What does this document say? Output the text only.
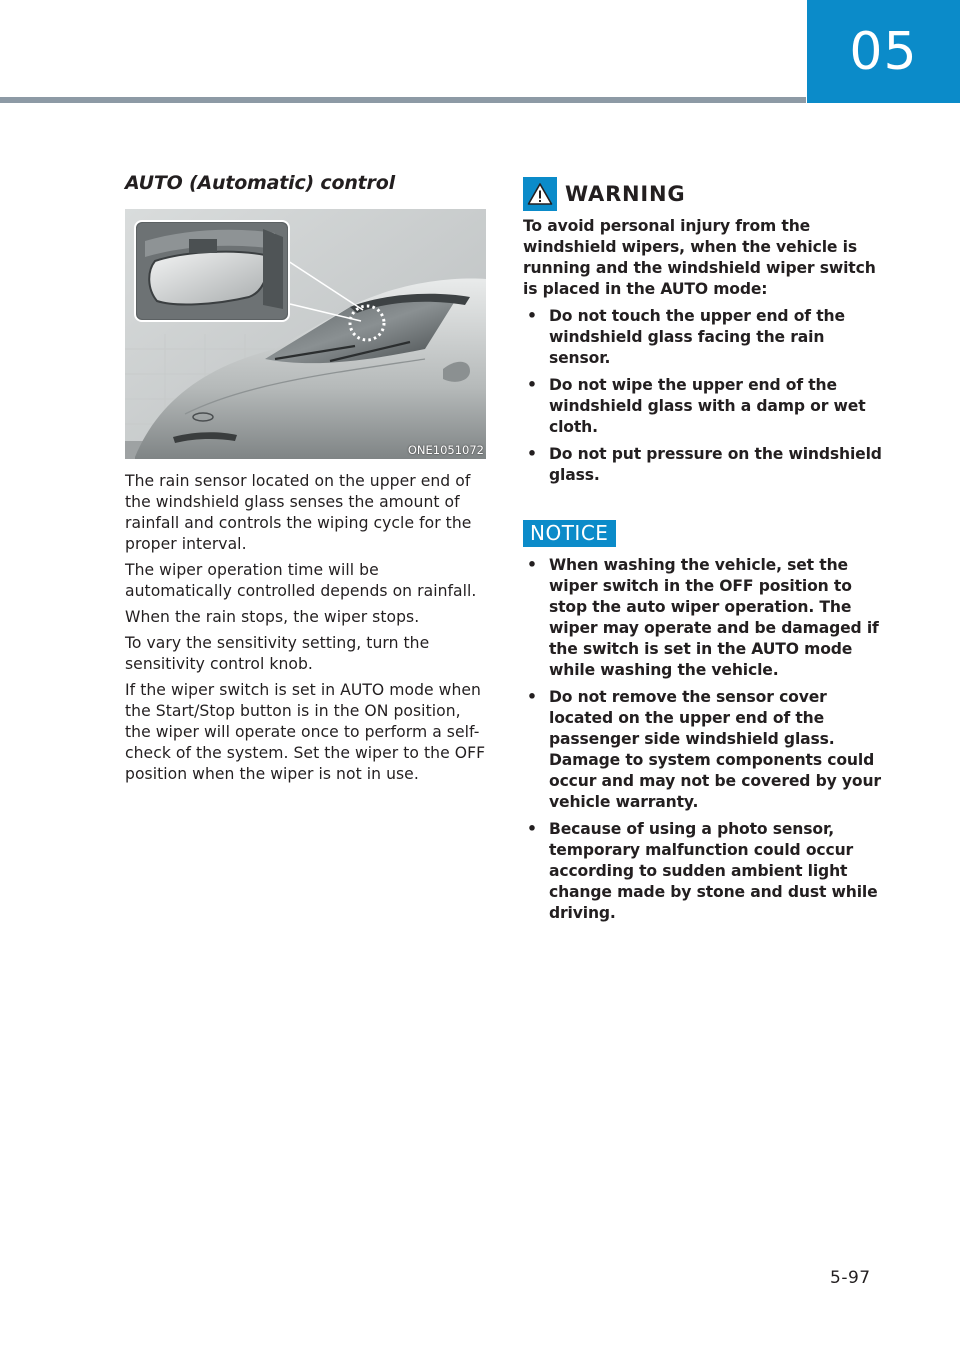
05
AUTO (Automatic) control
ONE1051072

The rain sensor located on the upper end of the windshield glass senses the amount of rainfall and controls the wiping cycle for the proper interval.

The wiper operation time will be automatically controlled depends on rainfall.

When the rain stops, the wiper stops.

To vary the sensitivity setting, turn the sensitivity control knob.

If the wiper switch is set in AUTO mode when the Start/Stop button is in the ON position, the wiper will operate once to perform a self-check of the system. Set the wiper to the OFF position when the wiper is not in use.

WARNING

To avoid personal injury from the windshield wipers, when the vehicle is running and the windshield wiper switch is placed in the AUTO mode:

• Do not touch the upper end of the windshield glass facing the rain sensor.
• Do not wipe the upper end of the windshield glass with a damp or wet cloth.
• Do not put pressure on the windshield glass.
NOTICE
• When washing the vehicle, set the wiper switch in the OFF position to stop the auto wiper operation. The wiper may operate and be damaged if the switch is set in the AUTO mode while washing the vehicle.
• Do not remove the sensor cover located on the upper end of the passenger side windshield glass. Damage to system components could occur and may not be covered by your vehicle warranty.
• Because of using a photo sensor, temporary malfunction could occur according to sudden ambient light change made by stone and dust while driving.
5-97
